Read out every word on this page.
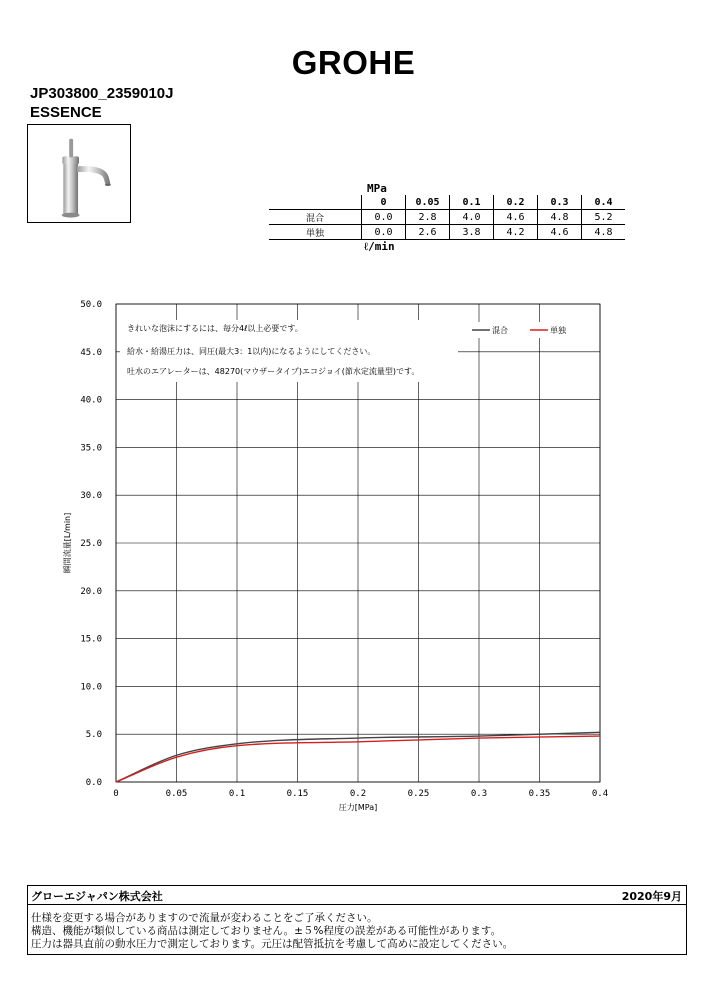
GROHE
JP303800_2359010J
ESSENCE
MPa
	0	0.05	0.1	0.2	0.3	0.4
混合	0.0	2.8	4.0	4.6	4.8	5.2
単独	0.0	2.6	3.8	4.2	4.6	4.8
ℓ/min
0	0.05	0.1	0.15	0.2	0.25	0.3	0.35	0.4
0.0
5.0
10.0
15.0
20.0
25.0
30.0
35.0
40.0
45.0
50.0
圧力[MPa]
瞬間流量[L/min]
きれいな泡沫にするには、毎分4ℓ以上必要です。
給水・給湯圧力は、同圧(最大3：1以内)になるようにしてください。
吐水のエアレーターは、48270(マウザータイプ)エコジョイ(節水定流量型)です。
混合	単独
グローエジャパン株式会社	2020年9月
仕様を変更する場合がありますので流量が変わることをご了承ください。
構造、機能が類似している商品は測定しておりません。±５%程度の誤差がある可能性があります。
圧力は器具直前の動水圧力で測定しております。元圧は配管抵抗を考慮して高めに設定してください。
